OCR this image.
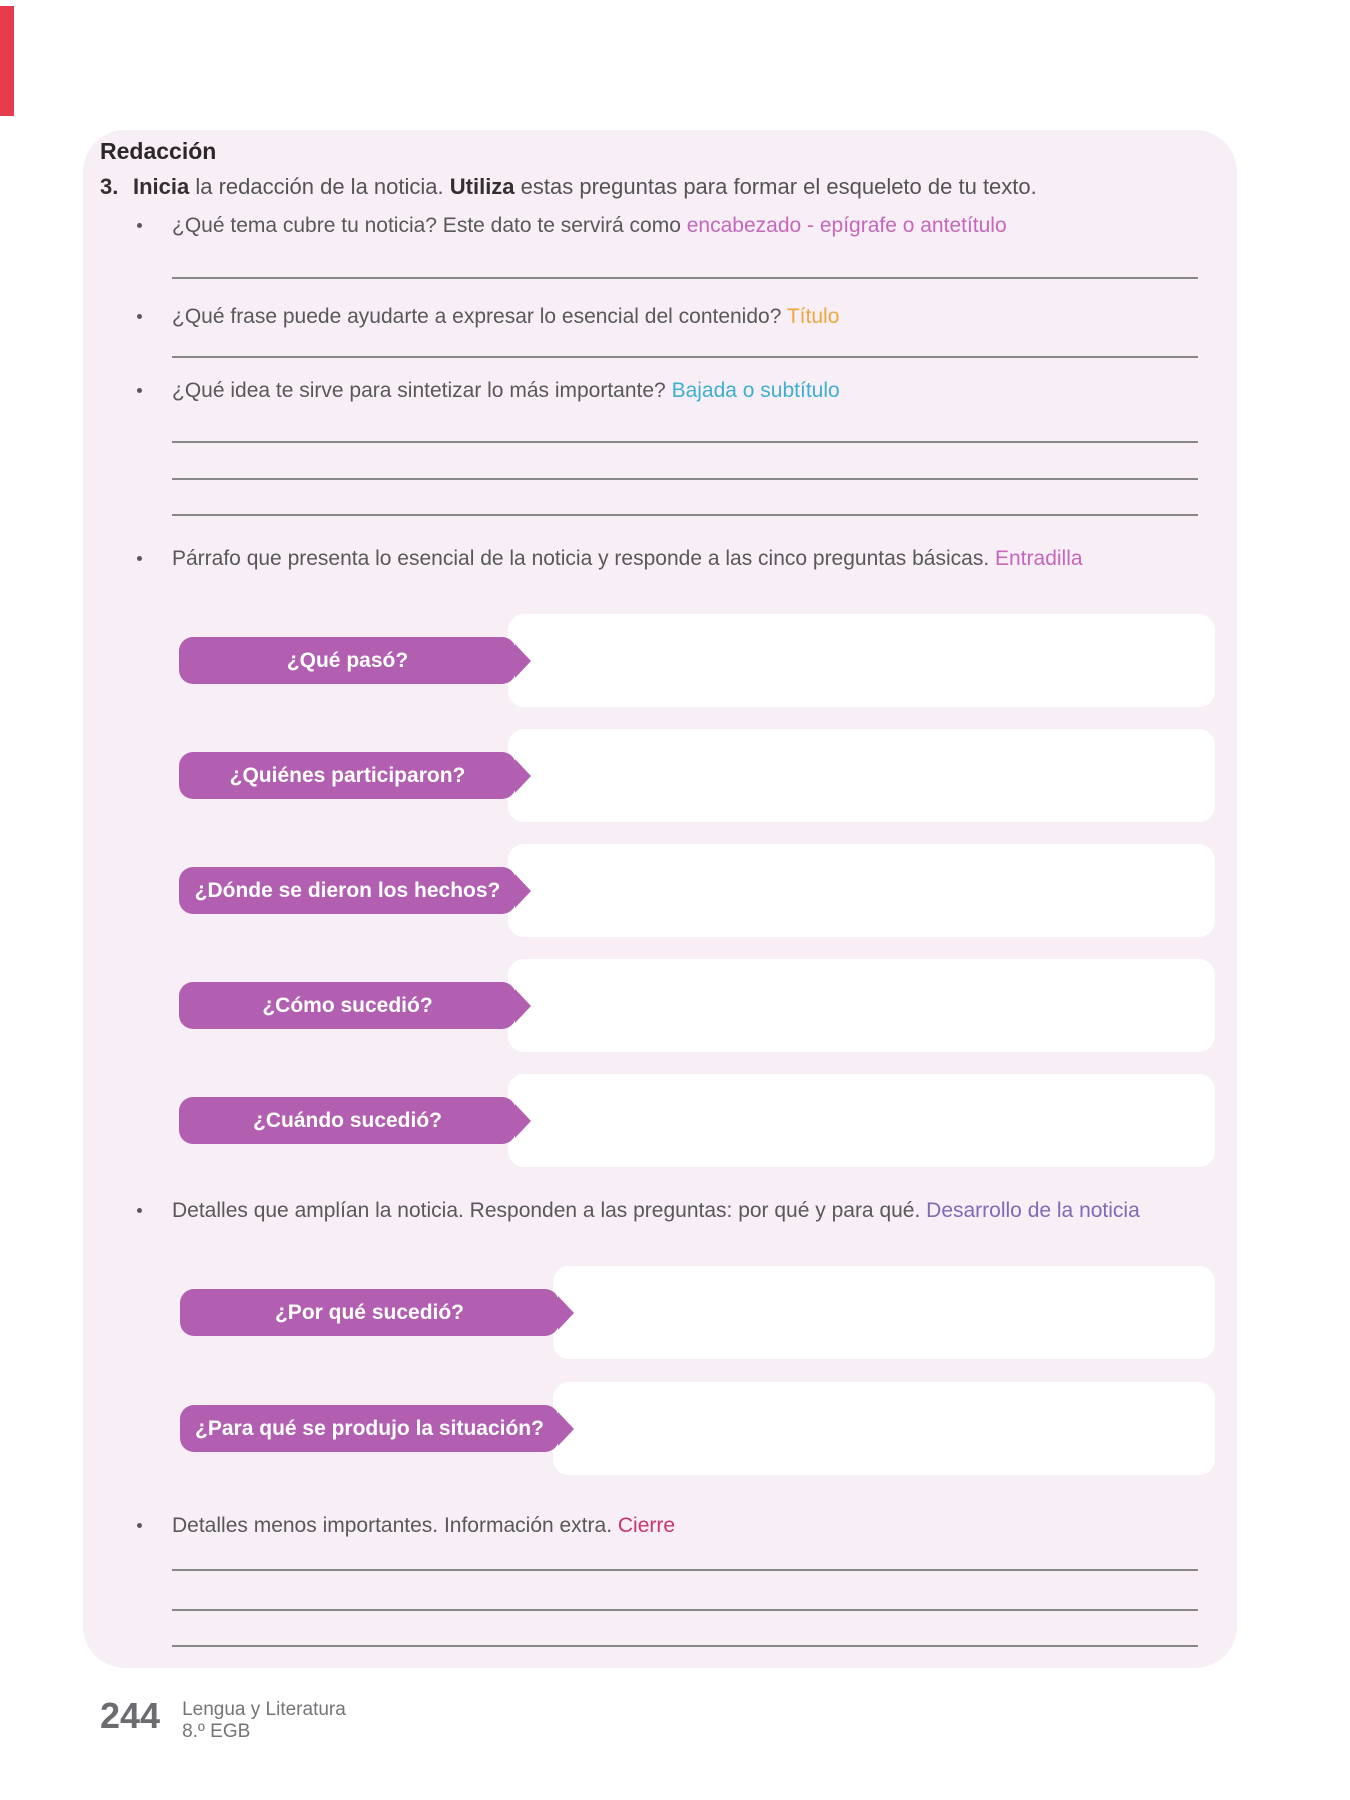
Redacción
3. Inicia la redacción de la noticia. Utiliza estas preguntas para formar el esqueleto de tu texto.
¿Qué tema cubre tu noticia? Este dato te servirá como encabezado - epígrafe o antetítulo
¿Qué frase puede ayudarte a expresar lo esencial del contenido? Título
¿Qué idea te sirve para sintetizar lo más importante? Bajada o subtítulo
Párrafo que presenta lo esencial de la noticia y responde a las cinco preguntas básicas. Entradilla
¿Qué pasó?
¿Quiénes participaron?
¿Dónde se dieron los hechos?
¿Cómo sucedió?
¿Cuándo sucedió?
Detalles que amplían la noticia. Responden a las preguntas: por qué y para qué. Desarrollo de la noticia
¿Por qué sucedió?
¿Para qué se produjo la situación?
Detalles menos importantes. Información extra. Cierre
244 Lengua y Literatura
8.º EGB
